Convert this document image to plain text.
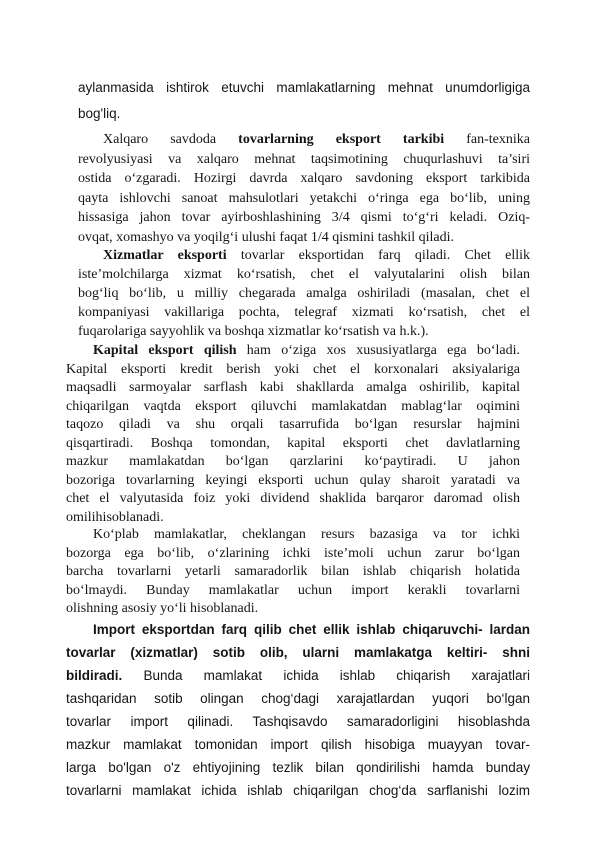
aylanmasida ishtirok etuvchi mamlakatlarning mehnat unumdorligiga
bog'liq.
Xalqaro savdoda tovarlarning eksport tarkibi fan-texnika
revolyusiyasi va xalqaro mehnat taqsimotining chuqurlashuvi ta’siri
ostida o‘zgaradi. Hozirgi davrda xalqaro savdoning eksport tarkibida
qayta ishlovchi sanoat mahsulotlari yetakchi o‘ringa ega bo‘lib, uning
hissasiga jahon tovar ayirboshlashining 3/4 qismi to‘g‘ri keladi. Oziq-
ovqat, xomashyo va yoqilg‘i ulushi faqat 1/4 qismini tashkil qiladi.
Xizmatlar eksporti tovarlar eksportidan farq qiladi. Chet ellik
iste’molchilarga xizmat ko‘rsatish, chet el valyutalarini olish bilan
bog‘liq bo‘lib, u milliy chegarada amalga oshiriladi (masalan, chet el
kompaniyasi vakillariga pochta, telegraf xizmati ko‘rsatish, chet el
fuqarolariga sayyohlik va boshqa xizmatlar ko‘rsatish va h.k.).
Kapital eksport qilish ham o‘ziga xos xususiyatlarga ega bo‘ladi.
Kapital eksporti kredit berish yoki chet el korxonalari aksiyalariga
maqsadli sarmoyalar sarflash kabi shakllarda amalga oshirilib, kapital
chiqarilgan vaqtda eksport qiluvchi mamlakatdan mablag‘lar oqimini
taqozo qiladi va shu orqali tasarrufida bo‘lgan resurslar hajmini
qisqartiradi. Boshqa tomondan, kapital eksporti chet davlatlarning
mazkur mamlakatdan bo‘lgan qarzlarini ko‘paytiradi. U jahon
bozoriga tovarlarning keyingi eksporti uchun qulay sharoit yaratadi va
chet el valyutasida foiz yoki dividend shaklida barqaror daromad olish
omilihisoblanadi.
Ko‘plab mamlakatlar, cheklangan resurs bazasiga va tor ichki
bozorga ega bo‘lib, o‘zlarining ichki iste’moli uchun zarur bo‘lgan
barcha tovarlarni yetarli samaradorlik bilan ishlab chiqarish holatida
bo‘lmaydi. Bunday mamlakatlar uchun import kerakli tovarlarni
olishning asosiy yo‘li hisoblanadi.
Import eksportdan farq qilib chet ellik ishlab chiqaruvchi- lardan
tovarlar (xizmatlar) sotib olib, ularni mamlakatga keltiri- shni
bildiradi. Bunda mamlakat ichida ishlab chiqarish xarajatlari
tashqaridan sotib olingan chog‘dagi xarajatlardan yuqori bo‘lgan
tovarlar import qilinadi. Tashqisavdo samaradorligini hisoblashda
mazkur mamlakat tomonidan import qilish hisobiga muayyan tovar-
larga bo'lgan o'z ehtiyojining tezlik bilan qondirilishi hamda bunday
tovarlarni mamlakat ichida ishlab chiqarilgan chog‘da sarflanishi lozim
